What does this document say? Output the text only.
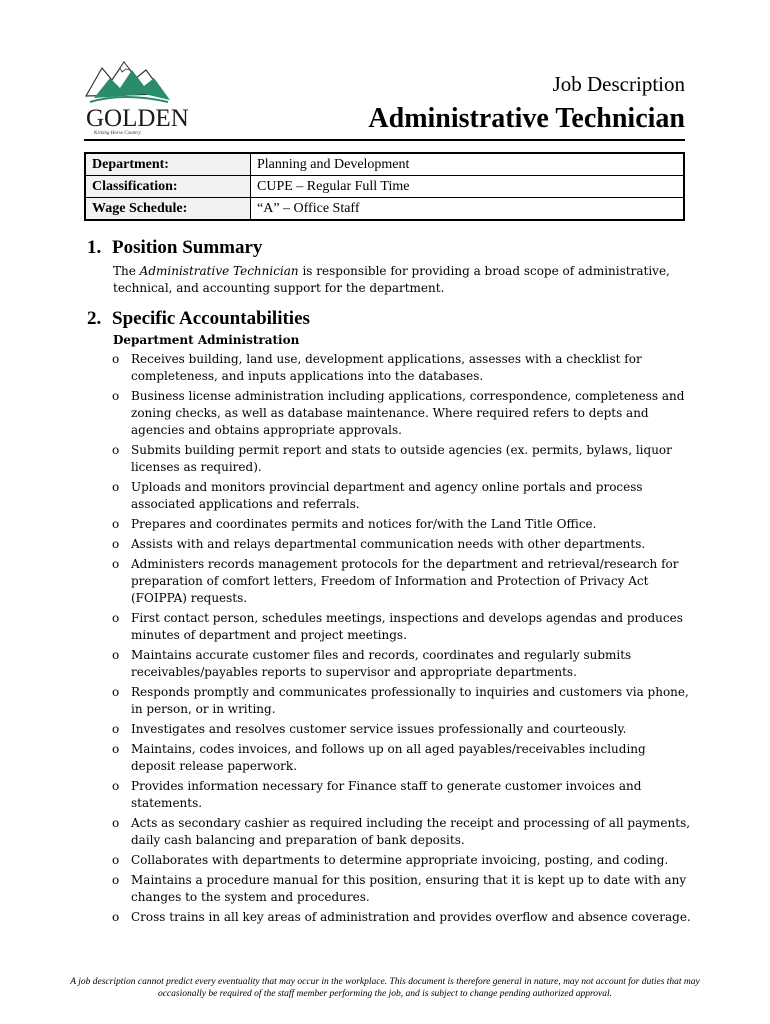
GOLDEN
Kicking Horse Country
Job Description
Administrative Technician
Department:	Planning and Development
Classification:	CUPE – Regular Full Time
Wage Schedule:	“A” – Office Staff
1. Position Summary
The Administrative Technician is responsible for providing a broad scope of administrative, technical, and accounting support for the department.
2. Specific Accountabilities
Department Administration
o Receives building, land use, development applications, assesses with a checklist for completeness, and inputs applications into the databases.
o Business license administration including applications, correspondence, completeness and zoning checks, as well as database maintenance. Where required refers to depts and agencies and obtains appropriate approvals.
o Submits building permit report and stats to outside agencies (ex. permits, bylaws, liquor licenses as required).
o Uploads and monitors provincial department and agency online portals and process associated applications and referrals.
o Prepares and coordinates permits and notices for/with the Land Title Office.
o Assists with and relays departmental communication needs with other departments.
o Administers records management protocols for the department and retrieval/research for preparation of comfort letters, Freedom of Information and Protection of Privacy Act (FOIPPA) requests.
o First contact person, schedules meetings, inspections and develops agendas and produces minutes of department and project meetings.
o Maintains accurate customer files and records, coordinates and regularly submits receivables/payables reports to supervisor and appropriate departments.
o Responds promptly and communicates professionally to inquiries and customers via phone, in person, or in writing.
o Investigates and resolves customer service issues professionally and courteously.
o Maintains, codes invoices, and follows up on all aged payables/receivables including deposit release paperwork.
o Provides information necessary for Finance staff to generate customer invoices and statements.
o Acts as secondary cashier as required including the receipt and processing of all payments, daily cash balancing and preparation of bank deposits.
o Collaborates with departments to determine appropriate invoicing, posting, and coding.
o Maintains a procedure manual for this position, ensuring that it is kept up to date with any changes to the system and procedures.
o Cross trains in all key areas of administration and provides overflow and absence coverage.
A job description cannot predict every eventuality that may occur in the workplace. This document is therefore general in nature, may not account for duties that may occasionally be required of the staff member performing the job, and is subject to change pending authorized approval.
